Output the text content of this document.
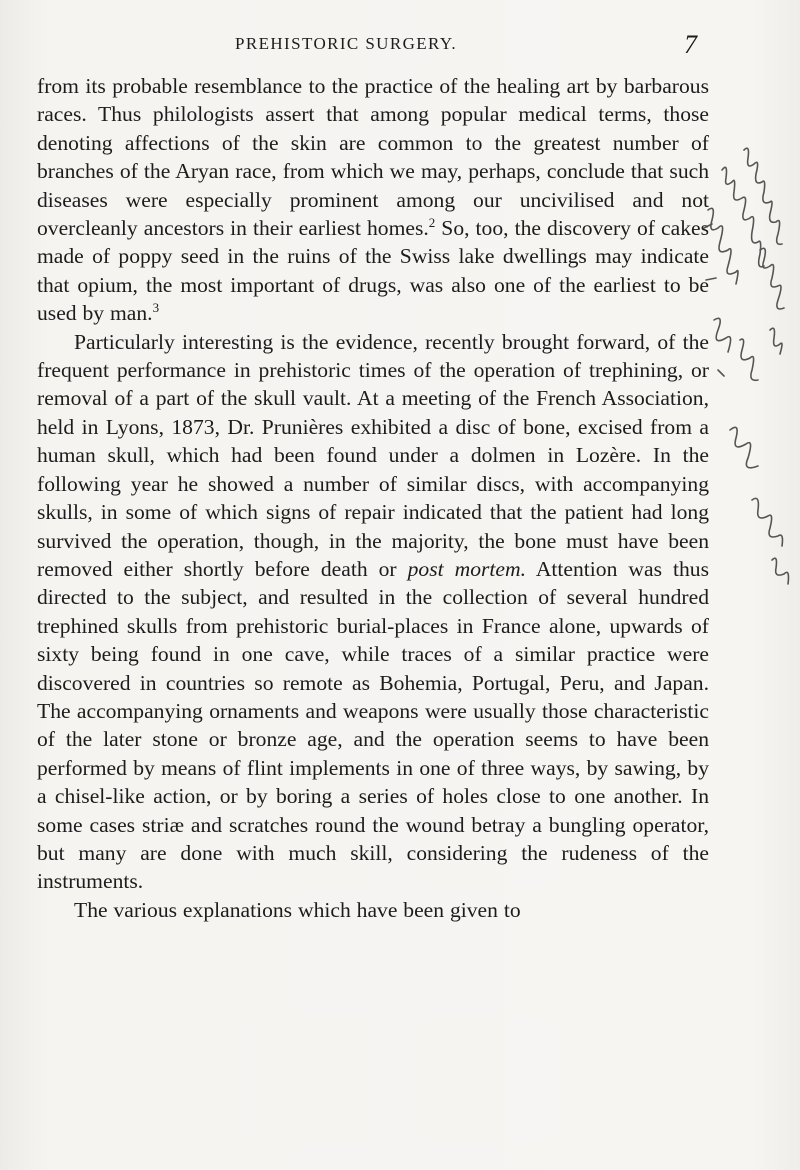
PREHISTORIC SURGERY.	7

from its probable resemblance to the practice of the healing art by barbarous races. Thus philologists assert that among popular medical terms, those denoting affections of the skin are common to the greatest number of branches of the Aryan race, from which we may, perhaps, conclude that such diseases were especially prominent among our uncivilised and not overcleanly ancestors in their earliest homes.$^2$ So, too, the discovery of cakes made of poppy seed in the ruins of the Swiss lake dwellings may indicate that opium, the most important of drugs, was also one of the earliest to be used by man.$^3$

Particularly interesting is the evidence, recently brought forward, of the frequent performance in prehistoric times of the operation of trephining, or removal of a part of the skull vault. At a meeting of the French Association, held in Lyons, 1873, Dr. Prunières exhibited a disc of bone, excised from a human skull, which had been found under a dolmen in Lozère. In the following year he showed a number of similar discs, with accompanying skulls, in some of which signs of repair indicated that the patient had long survived the operation, though, in the majority, the bone must have been removed either shortly before death or post mortem. Attention was thus directed to the subject, and resulted in the collection of several hundred trephined skulls from prehistoric burial-places in France alone, upwards of sixty being found in one cave, while traces of a similar practice were discovered in countries so remote as Bohemia, Portugal, Peru, and Japan. The accompanying ornaments and weapons were usually those characteristic of the later stone or bronze age, and the operation seems to have been performed by means of flint implements in one of three ways, by sawing, by a chisel-like action, or by boring a series of holes close to one another. In some cases striæ and scratches round the wound betray a bungling operator, but many are done with much skill, considering the rudeness of the instruments.

The various explanations which have been given to
